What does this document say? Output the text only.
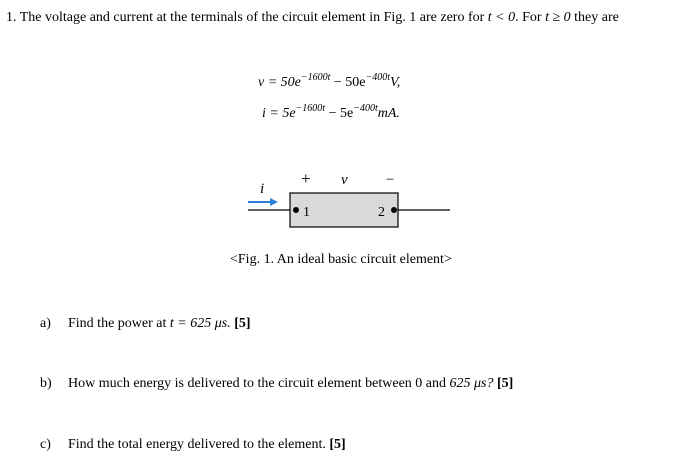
1. The voltage and current at the terminals of the circuit element in Fig. 1 are zero for t < 0. For t ≥ 0 they are
$v = 50e^{-1600t} - 50e^{-400t}V$,
$i = 5e^{-1600t} - 5e^{-400t}mA$.
i
1	2
+ v	−
<Fig. 1. An ideal basic circuit element>
a) Find the power at t = 625 μs. [5]
b) How much energy is delivered to the circuit element between 0 and 625 μs? [5]
c) Find the total energy delivered to the element. [5]
